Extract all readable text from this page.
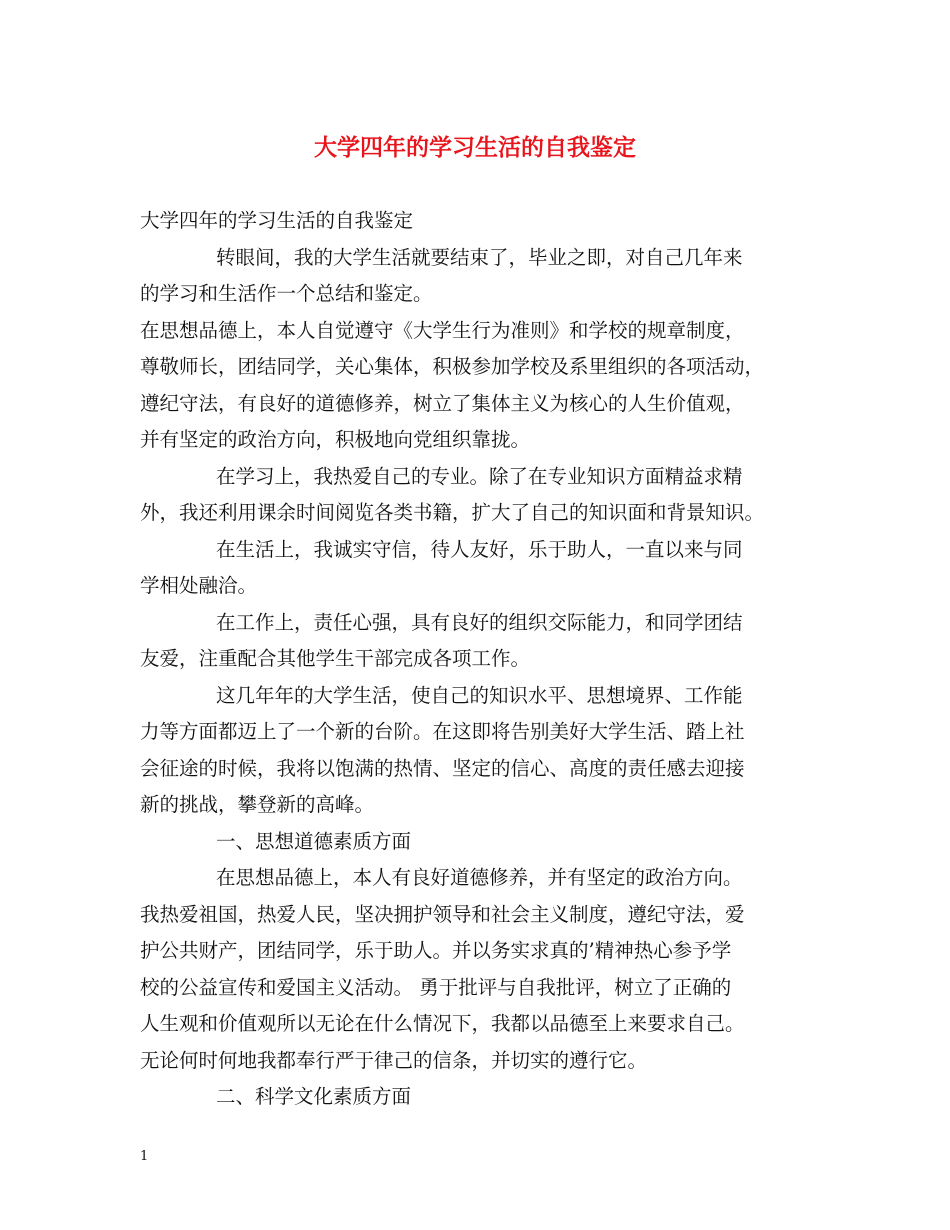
大学四年的学习生活的自我鉴定
大学四年的学习生活的自我鉴定
转眼间，我的大学生活就要结束了，毕业之即，对自己几年来
的学习和生活作一个总结和鉴定。
在思想品德上，本人自觉遵守《大学生行为准则》和学校的规章制度，
尊敬师长，团结同学，关心集体，积极参加学校及系里组织的各项活动，
遵纪守法，有良好的道德修养，树立了集体主义为核心的人生价值观，
并有坚定的政治方向，积极地向党组织靠拢。
在学习上，我热爱自己的专业。除了在专业知识方面精益求精
外，我还利用课余时间阅览各类书籍，扩大了自己的知识面和背景知识。
在生活上，我诚实守信，待人友好，乐于助人，一直以来与同
学相处融洽。
在工作上，责任心强，具有良好的组织交际能力，和同学团结
友爱，注重配合其他学生干部完成各项工作。
这几年年的大学生活，使自己的知识水平、思想境界、工作能
力等方面都迈上了一个新的台阶。在这即将告别美好大学生活、踏上社
会征途的时候，我将以饱满的热情、坚定的信心、高度的责任感去迎接
新的挑战，攀登新的高峰。
一、思想道德素质方面
在思想品德上，本人有良好道德修养，并有坚定的政治方向。
我热爱祖国，热爱人民，坚决拥护领导和社会主义制度，遵纪守法，爱
护公共财产，团结同学，乐于助人。并以务实求真的’精神热心参予学
校的公益宣传和爱国主义活动。 勇于批评与自我批评，树立了正确的
人生观和价值观所以无论在什么情况下，我都以品德至上来要求自己。
无论何时何地我都奉行严于律己的信条，并切实的遵行它。
二、科学文化素质方面
1
